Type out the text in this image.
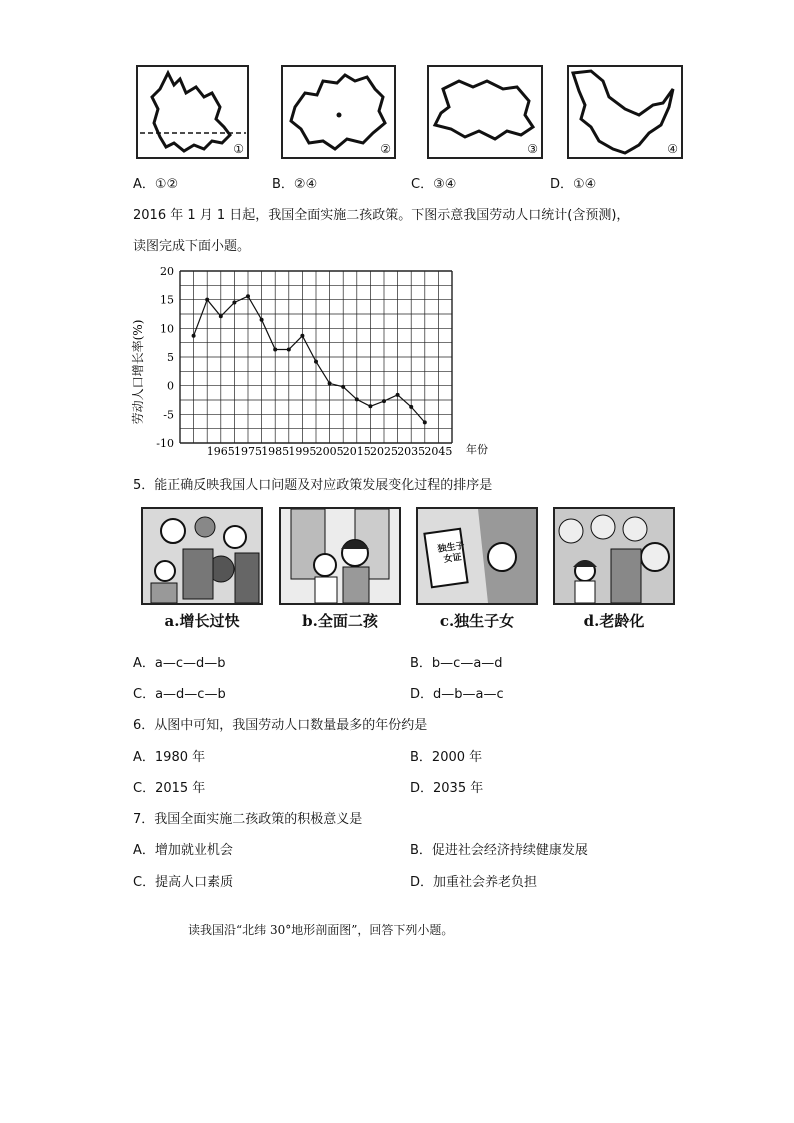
①	②	③	④
A．①②	B．②④	C．③④	D．①④
2016 年 1 月 1 日起，我国全面实施二孩政策。下图示意我国劳动人口统计(含预测)，
读图完成下面小题。
20
15
10
5
0
-5
-10
1965 1975 1985 1995 2005 2015 2025 2035 2045
劳动人口增长率(%)
年份
5．能正确反映我国人口问题及对应政策发展变化过程的排序是
独生子女证
a.增长过快	b.全面二孩	c.独生子女	d.老龄化
A．a—c—d—b	B．b—c—a—d
C．a—d—c—b	D．d—b—a—c
6．从图中可知，我国劳动人口数量最多的年份约是
A．1980 年	B．2000 年
C．2015 年	D．2035 年
7．我国全面实施二孩政策的积极意义是
A．增加就业机会	B．促进社会经济持续健康发展
C．提高人口素质	D．加重社会养老负担
读我国沿“北纬 30°地形剖面图”，回答下列小题。
